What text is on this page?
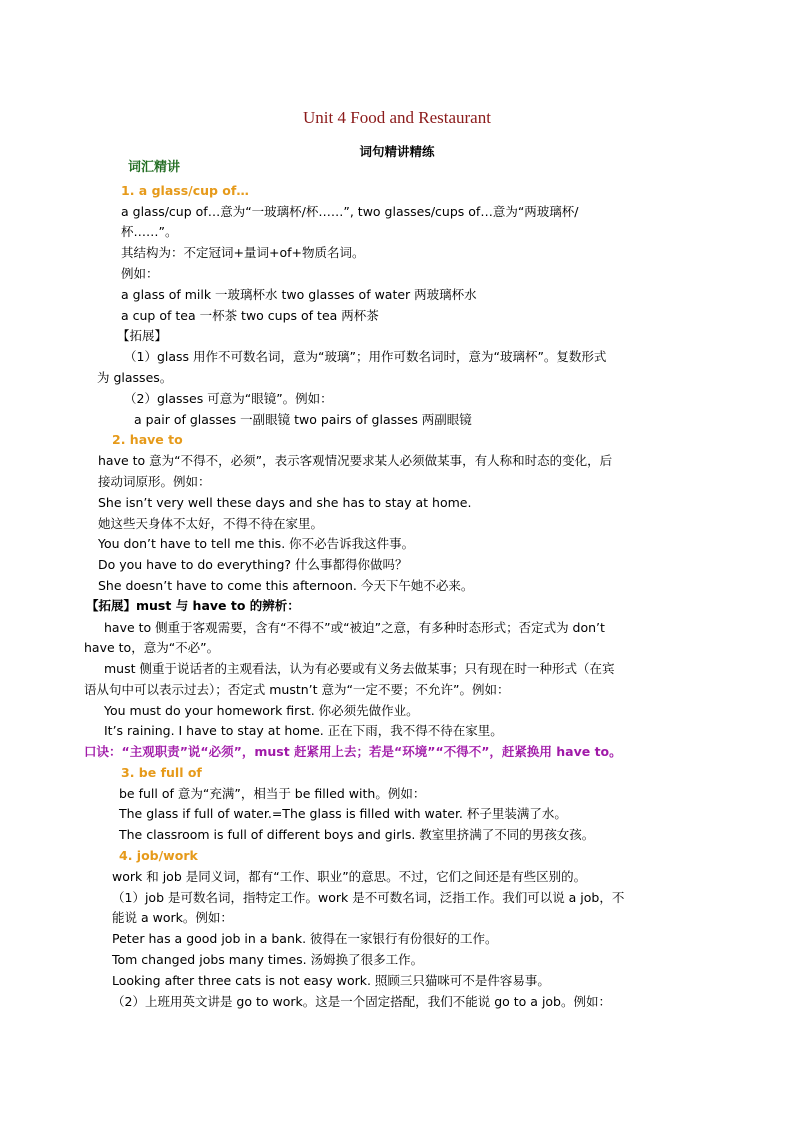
Unit 4 Food and Restaurant
词句精讲精练
词汇精讲
1. a glass/cup of…
a glass/cup of…意为“一玻璃杯/杯……”, two glasses/cups of…意为“两玻璃杯/
杯……”。
其结构为：不定冠词+量词+of+物质名词。
例如：
a glass of milk 一玻璃杯水 two glasses of water 两玻璃杯水
a cup of tea 一杯茶 two cups of tea 两杯茶
【拓展】
（1）glass 用作不可数名词，意为“玻璃”；用作可数名词时，意为“玻璃杯”。复数形式
为 glasses。
（2）glasses 可意为“眼镜”。例如：
a pair of glasses 一副眼镜 two pairs of glasses 两副眼镜
2. have to
have to 意为“不得不，必须”，表示客观情况要求某人必须做某事，有人称和时态的变化，后
接动词原形。例如：
She isn’t very well these days and she has to stay at home.
她这些天身体不太好，不得不待在家里。
You don’t have to tell me this. 你不必告诉我这件事。
Do you have to do everything? 什么事都得你做吗？
She doesn’t have to come this afternoon. 今天下午她不必来。
【拓展】must 与 have to 的辨析：
have to 侧重于客观需要，含有“不得不”或“被迫”之意，有多种时态形式；否定式为 don’t
have to，意为“不必”。
must 侧重于说话者的主观看法，认为有必要或有义务去做某事；只有现在时一种形式（在宾
语从句中可以表示过去）；否定式 mustn’t 意为“一定不要；不允许”。例如：
You must do your homework first. 你必须先做作业。
It’s raining. I have to stay at home. 正在下雨，我不得不待在家里。
口诀：“主观职责”说“必须”，must 赶紧用上去；若是“环境”“不得不”，赶紧换用 have to。
3. be full of
be full of 意为“充满”，相当于 be filled with。例如：
The glass if full of water.=The glass is filled with water. 杯子里装满了水。
The classroom is full of different boys and girls. 教室里挤满了不同的男孩女孩。
4. job/work
work 和 job 是同义词，都有“工作、职业”的意思。不过，它们之间还是有些区别的。
（1）job 是可数名词，指特定工作。work 是不可数名词，泛指工作。我们可以说 a job，不
能说 a work。例如：
Peter has a good job in a bank. 彼得在一家银行有份很好的工作。
Tom changed jobs many times. 汤姆换了很多工作。
Looking after three cats is not easy work. 照顾三只猫咪可不是件容易事。
（2）上班用英文讲是 go to work。这是一个固定搭配，我们不能说 go to a job。例如：
